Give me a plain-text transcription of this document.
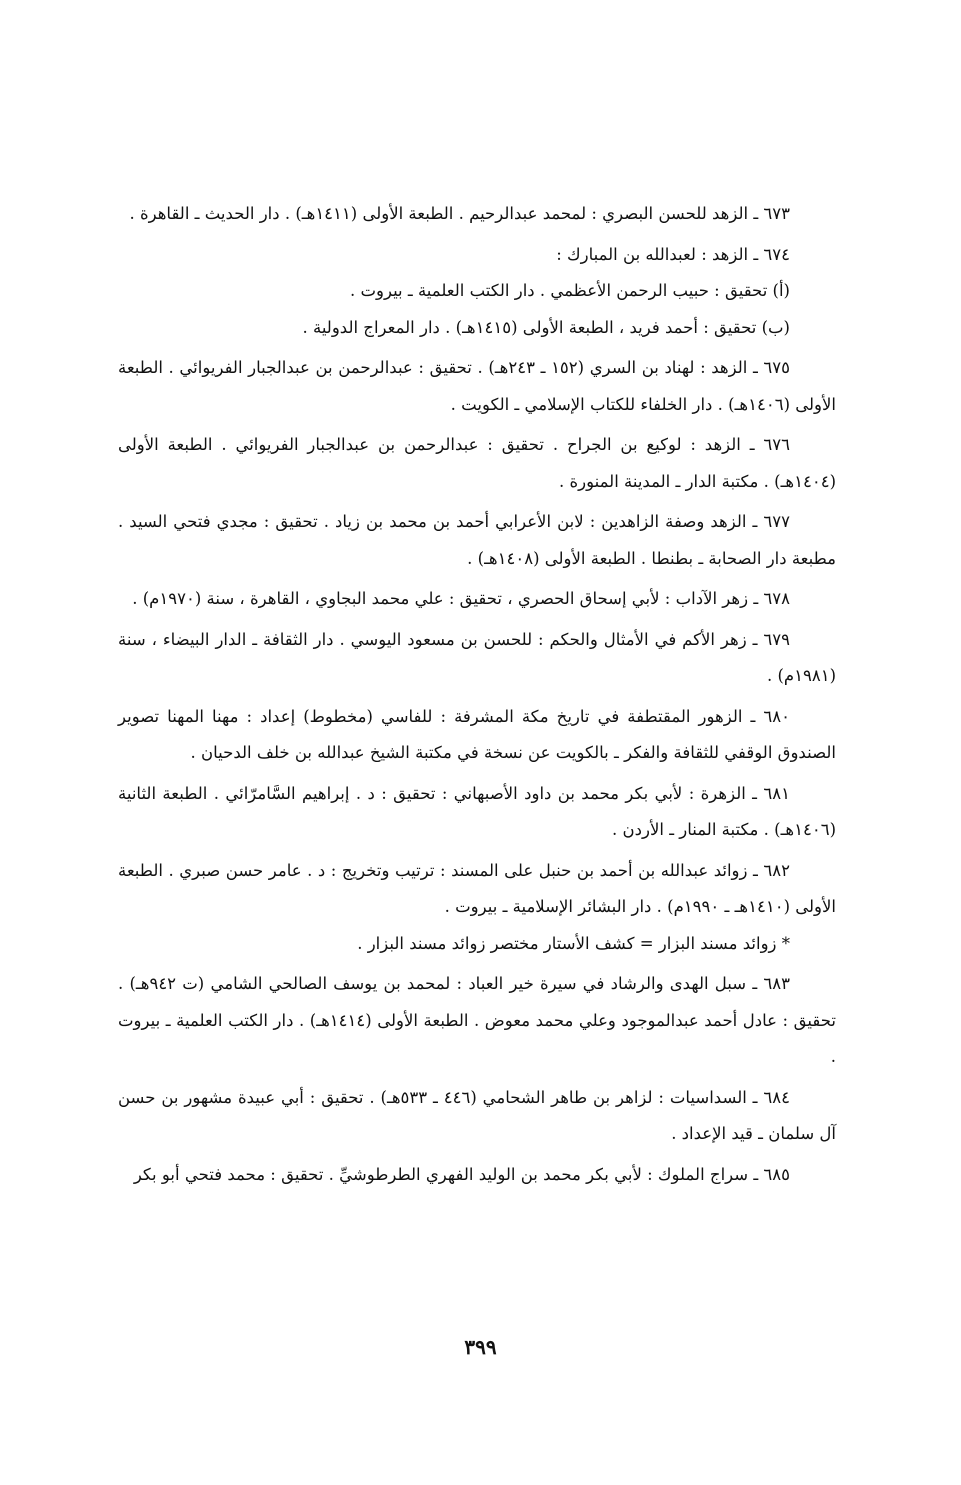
٦٧٣ ـ الزهد للحسن البصري : لمحمد عبدالرحيم . الطبعة الأولى (١٤١١هـ) . دار الحديث ـ القاهرة .

٦٧٤ ـ الزهد : لعبدالله بن المبارك :

(أ) تحقيق : حبيب الرحمن الأعظمي . دار الكتب العلمية ـ بيروت .

(ب) تحقيق : أحمد فريد ، الطبعة الأولى (١٤١٥هـ) . دار المعراج الدولية .

٦٧٥ ـ الزهد : لهناد بن السري (١٥٢ ـ ٢٤٣هـ) . تحقيق : عبدالرحمن بن عبدالجبار الفريوائي . الطبعة الأولى (١٤٠٦هـ) . دار الخلفاء للكتاب الإسلامي ـ الكويت .

٦٧٦ ـ الزهد : لوكيع بن الجراح . تحقيق : عبدالرحمن بن عبدالجبار الفريوائي . الطبعة الأولى (١٤٠٤هـ) . مكتبة الدار ـ المدينة المنورة .

٦٧٧ ـ الزهد وصفة الزاهدين : لابن الأعرابي أحمد بن محمد بن زياد . تحقيق : مجدي فتحي السيد . مطبعة دار الصحابة ـ بطنطا . الطبعة الأولى (١٤٠٨هـ) .

٦٧٨ ـ زهر الآداب : لأبي إسحاق الحصري ، تحقيق : علي محمد البجاوي ، القاهرة ، سنة (١٩٧٠م) .

٦٧٩ ـ زهر الأكم في الأمثال والحكم : للحسن بن مسعود اليوسي . دار الثقافة ـ الدار البيضاء ، سنة (١٩٨١م) .

٦٨٠ ـ الزهور المقتطفة في تاريخ مكة المشرفة : للفاسي (مخطوط) إعداد : مهنا المهنا تصوير الصندوق الوقفي للثقافة والفكر ـ بالكويت عن نسخة في مكتبة الشيخ عبدالله بن خلف الدحيان .

٦٨١ ـ الزهرة : لأبي بكر محمد بن داود الأصبهاني : تحقيق : د . إبراهيم السَّامرّائي . الطبعة الثانية (١٤٠٦هـ) . مكتبة المنار ـ الأردن .

٦٨٢ ـ زوائد عبدالله بن أحمد بن حنبل على المسند : ترتيب وتخريج : د . عامر حسن صبري . الطبعة الأولى (١٤١٠هـ ـ ١٩٩٠م) . دار البشائر الإسلامية ـ بيروت .

* زوائد مسند البزار = كشف الأستار مختصر زوائد مسند البزار .

٦٨٣ ـ سبل الهدى والرشاد في سيرة خير العباد : لمحمد بن يوسف الصالحي الشامي (ت ٩٤٢هـ) . تحقيق : عادل أحمد عبدالموجود وعلي محمد معوض . الطبعة الأولى (١٤١٤هـ) . دار الكتب العلمية ـ بيروت .

٦٨٤ ـ السداسيات : لزاهر بن طاهر الشحامي (٤٤٦ ـ ٥٣٣هـ) . تحقيق : أبي عبيدة مشهور بن حسن آل سلمان ـ قيد الإعداد .

٦٨٥ ـ سراج الملوك : لأبي بكر محمد بن الوليد الفهري الطرطوشيِّ . تحقيق : محمد فتحي أبو بكر

٣٩٩
